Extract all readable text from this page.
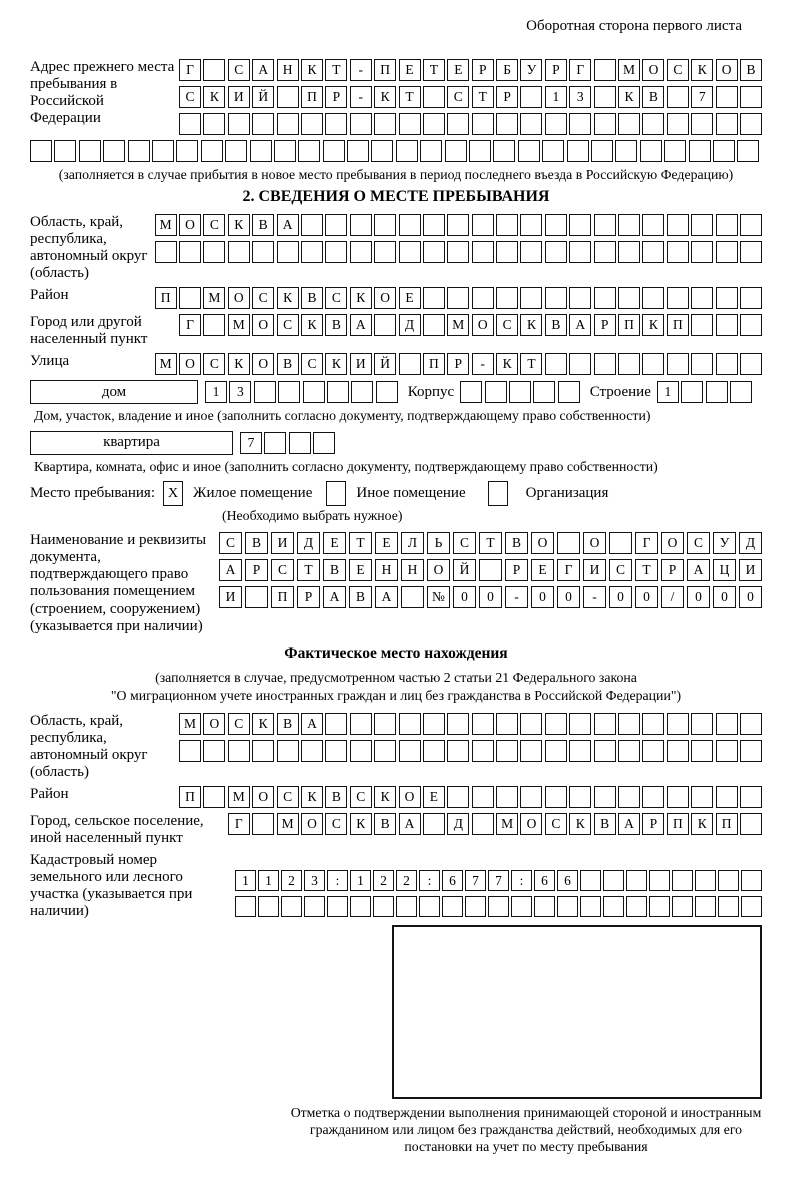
Оборотная сторона первого листа
Адрес прежнего места пребывания в Российской Федерации
Г	С	А	Н	К	Т	-	П	Е	Т	Е	Р	Б	У	Р	Г	М	О	С	К	О	В
С	К	И	Й	П	Р	-	К	Т	С	Т	Р	1	3	К	В	7
(заполняется в случае прибытия в новое место пребывания в период последнего въезда в Российскую Федерацию)
2. СВЕДЕНИЯ О МЕСТЕ ПРЕБЫВАНИЯ
Область, край, республика, автономный округ (область)
М	О	С	К	В	А
Район	П	М	О	С	К	В	С	К	О	Е
Город или другой населенный пункт
Г	М	О	С	К	В	А	Д	М	О	С	К	В	А	Р	П	К	П
Улица	М	О	С	К	О	В	С	К	И	Й	П	Р	-	К	Т
дом	1	3	Корпус	Строение	1
Дом, участок, владение и иное (заполнить согласно документу, подтверждающему право собственности)
квартира	7
Квартира, комната, офис и иное (заполнить согласно документу, подтверждающему право собственности)
Место пребывания: X Жилое помещение	Иное помещение	Организация
(Необходимо выбрать нужное)
Наименование и реквизиты документа, подтверждающего право пользования помещением (строением, сооружением) (указывается при наличии)
С	В	И	Д	Е	Т	Е	Л	Ь	С	Т	В	О	О	Г	О	С	У	Д
А	Р	С	Т	В	Е	Н	Н	О	Й	Р	Е	Г	И	С	Т	Р	А	Ц	И
И	П	Р	А	В	А	№	0	0	-	0	0	-	0	0	/	0	0	0
Фактическое место нахождения
(заполняется в случае, предусмотренном частью 2 статьи 21 Федерального закона
"О миграционном учете иностранных граждан и лиц без гражданства в Российской Федерации")
Область, край, республика, автономный округ (область)
М	О	С	К	В	А
Район	П	М	О	С	К	В	С	К	О	Е
Город, сельское поселение, иной населенный пункт
Г	М	О	С	К	В	А	Д	М	О	С	К	В	А	Р	П	К	П
Кадастровый номер земельного или лесного участка (указывается при наличии)
1	1	2	3	:	1	2	2	:	6	7	7	:	6	6
Отметка о подтверждении выполнения принимающей стороной и иностранным гражданином или лицом без гражданства действий, необходимых для его постановки на учет по месту пребывания
